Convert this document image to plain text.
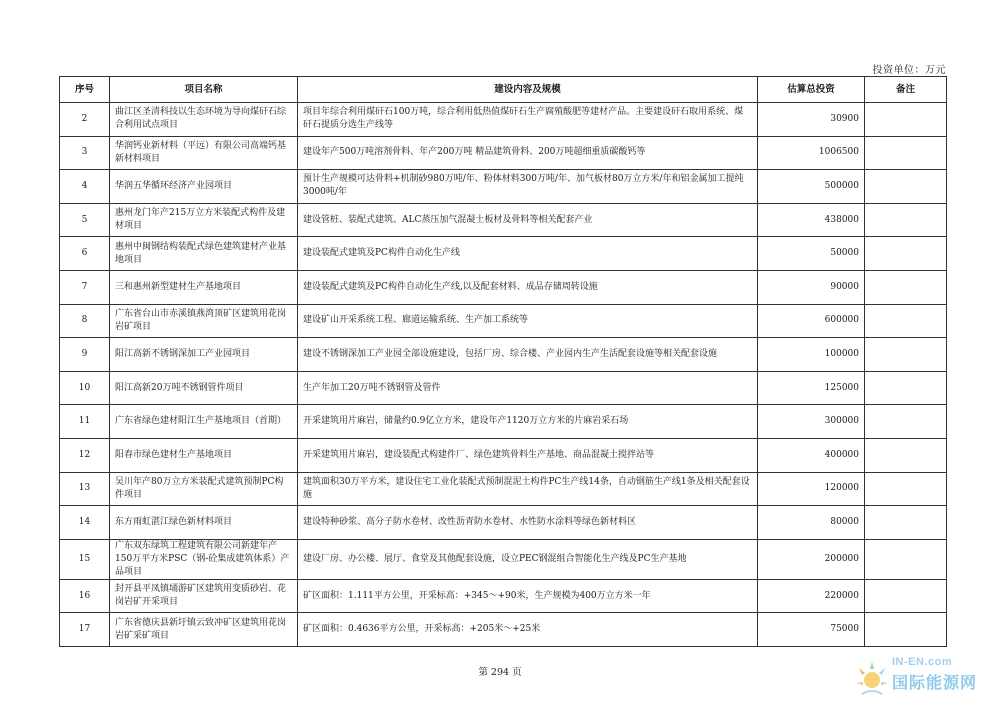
投资单位：万元
序号	项目名称	建设内容及规模	估算总投资	备注
2	曲江区圣清科技以生态环境为导向煤矸石综合利用试点项目	项目年综合利用煤矸石100万吨，综合利用低热值煤矸石生产腐殖酸肥等建材产品。主要建设矸石取用系统、煤矸石提质分选生产线等	30900	
3	华润钙业新材料（平远）有限公司高端钙基新材料项目	建设年产500万吨溶剂骨料、年产200万吨 精品建筑骨料、200万吨超细重质碳酸钙等	1006500	
4	华润五华循环经济产业园项目	预计生产规模可达骨料+机制砂980万吨/年、粉体材料300万吨/年、加气板材80万立方米/年和铝金属加工提纯3000吨/年	500000	
5	惠州龙门年产215万立方米装配式构件及建材项目	建设管桩、装配式建筑、ALC蒸压加气混凝土板材及骨料等相关配套产业	438000	
6	惠州中闽钢结构装配式绿色建筑建材产业基地项目	建设装配式建筑及PC构件自动化生产线	50000	
7	三和惠州新型建材生产基地项目	建设装配式建筑及PC构件自动化生产线,以及配套材料、成品存储周转设施	90000	
8	广东省台山市赤溪镇燕湾顶矿区建筑用花岗岩矿项目	建设矿山开采系统工程、廊道运输系统、生产加工系统等	600000	
9	阳江高新不锈钢深加工产业园项目	建设不锈钢深加工产业园全部设施建设，包括厂房、综合楼、产业园内生产生活配套设施等相关配套设施	100000	
10	阳江高新20万吨不锈钢管件项目	生产年加工20万吨不锈钢管及管件	125000	
11	广东省绿色建材阳江生产基地项目（首期）	开采建筑用片麻岩，储量约0.9亿立方米，建设年产1120万立方米的片麻岩采石场	300000	
12	阳春市绿色建材生产基地项目	开采建筑用片麻岩，建设装配式构建件厂、绿色建筑骨料生产基地、商品混凝土搅拌站等	400000	
13	吴川年产80万立方米装配式建筑预制PC构件项目	建筑面积30万平方米，建设住宅工业化装配式预制混泥土构件PC生产线14条，自动钢筋生产线1条及相关配套设施	120000	
14	东方雨虹湛江绿色新材料项目	建设特种砂浆、高分子防水卷材、改性沥青防水卷材、水性防水涂料等绿色新材料区	80000	
15	广东双东绿筑工程建筑有限公司新建年产150万平方米PSC（钢-砼集成建筑体系）产品项目	建设厂房、办公楼、展厅、食堂及其他配套设施，设立PEC钢混组合智能化生产线及PC生产基地	200000	
16	封开县平凤镇埇游矿区建筑用变质砂岩、花岗岩矿开采项目	矿区面积：1.111平方公里，开采标高：+345～+90米，生产规模为400万立方米一年	220000	
17	广东省德庆县新圩镇云致冲矿区建筑用花岗岩矿采矿项目	矿区面积：0.4636平方公里，开采标高：+205米～+25米	75000	
第 294 页
IN-EN.com
国际能源网
